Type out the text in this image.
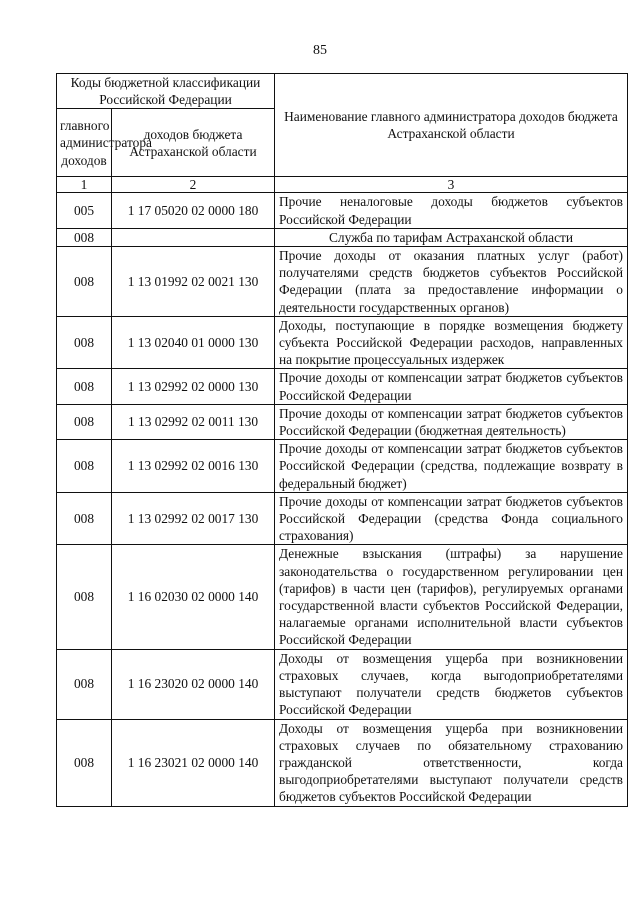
85
Коды бюджетной классификации Российской Федерации		Наименование главного администратора доходов бюджета Астраханской области
главного администратора доходов	доходов бюджета Астраханской области	
1	2	3
005	1 17 05020 02 0000 180	Прочие неналоговые доходы бюджетов субъектов Российской Федерации
008		Служба по тарифам Астраханской области
008	1 13 01992 02 0021 130	Прочие доходы от оказания платных услуг (работ) получателями средств бюджетов субъектов Российской Федерации (плата за предоставление информации о деятельности государственных органов)
008	1 13 02040 01 0000 130	Доходы, поступающие в порядке возмещения бюджету субъекта Российской Федерации расходов, направленных на покрытие процессуальных издержек
008	1 13 02992 02 0000 130	Прочие доходы от компенсации затрат бюджетов субъектов Российской Федерации
008	1 13 02992 02 0011 130	Прочие доходы от компенсации затрат бюджетов субъектов Российской Федерации (бюджетная деятельность)
008	1 13 02992 02 0016 130	Прочие доходы от компенсации затрат бюджетов субъектов Российской Федерации (средства, подлежащие возврату в федеральный бюджет)
008	1 13 02992 02 0017 130	Прочие доходы от компенсации затрат бюджетов субъектов Российской Федерации (средства Фонда социального страхования)
008	1 16 02030 02 0000 140	Денежные взыскания (штрафы) за нарушение законодательства о государственном регулировании цен (тарифов) в части цен (тарифов), регулируемых органами государственной власти субъектов Российской Федерации, налагаемые органами исполнительной власти субъектов Российской Федерации
008	1 16 23020 02 0000 140	Доходы от возмещения ущерба при возникновении страховых случаев, когда выгодоприобретателями выступают получатели средств бюджетов субъектов Российской Федерации
008	1 16 23021 02 0000 140	Доходы от возмещения ущерба при возникновении страховых случаев по обязательному страхованию гражданской ответственности, когда выгодоприобретателями выступают получатели средств бюджетов субъектов Российской Федерации
